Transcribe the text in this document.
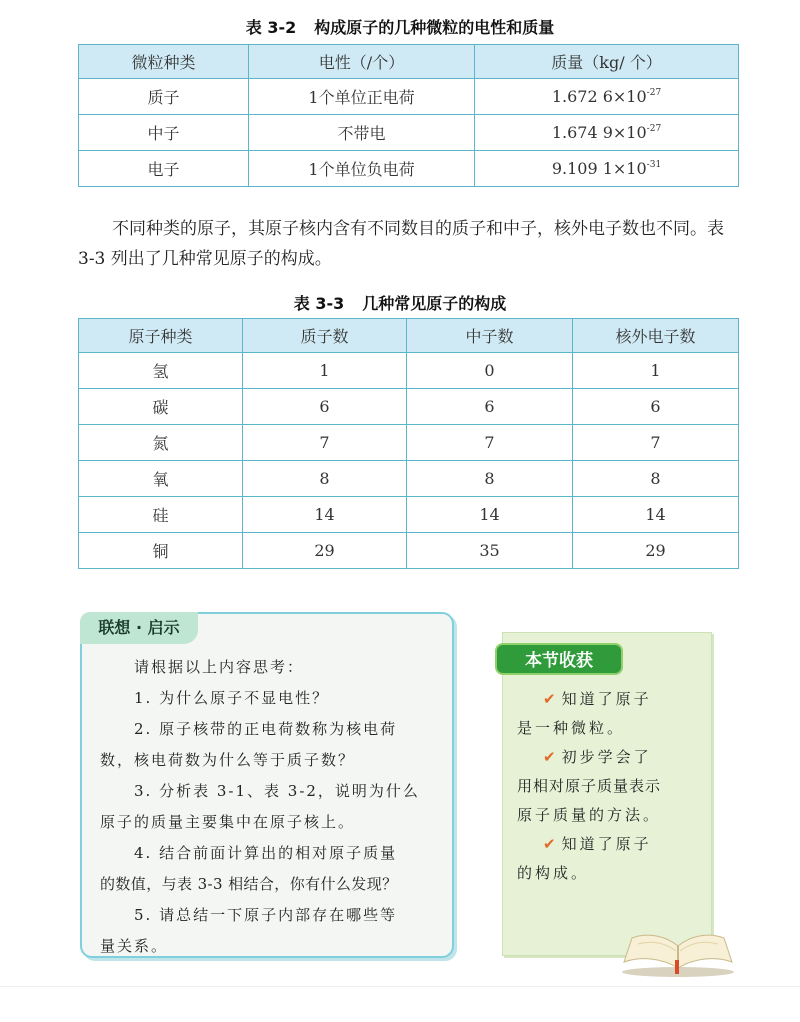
表 3-2 构成原子的几种微粒的电性和质量
微粒种类	电性（/个）	质量（kg/ 个）
质子	1个单位正电荷	1.672 $6\times 10^{-27}$
中子	不带电	1.674 $9\times 10^{-27}$
电子	1个单位负电荷	9.109 $1\times 10^{-31}$

不同种类的原子，其原子核内含有不同数目的质子和中子，核外电子数也不同。表 3-3 列出了几种常见原子的构成。

表 3-3 几种常见原子的构成
原子种类	质子数	中子数	核外电子数
氢	1	0	1
碳	6	6	6
氮	7	7	7
氧	8	8	8
硅	14	14	14
铜	29	35	29
联想 · 启示
请根据以上内容思考：
1. 为什么原子不显电性？
2. 原子核带的正电荷数称为核电荷
数，核电荷数为什么等于质子数？
3. 分析表 3-1、表 3-2，说明为什么
原子的质量主要集中在原子核上。
4. 结合前面计算出的相对原子质量
的数值，与表 3-3 相结合，你有什么发现？
5. 请总结一下原子内部存在哪些等
量关系。
本节收获
✔ 知道了原子
是一种微粒。
✔ 初步学会了
用相对原子质量表示
原子质量的方法。
✔ 知道了原子
的构成。
